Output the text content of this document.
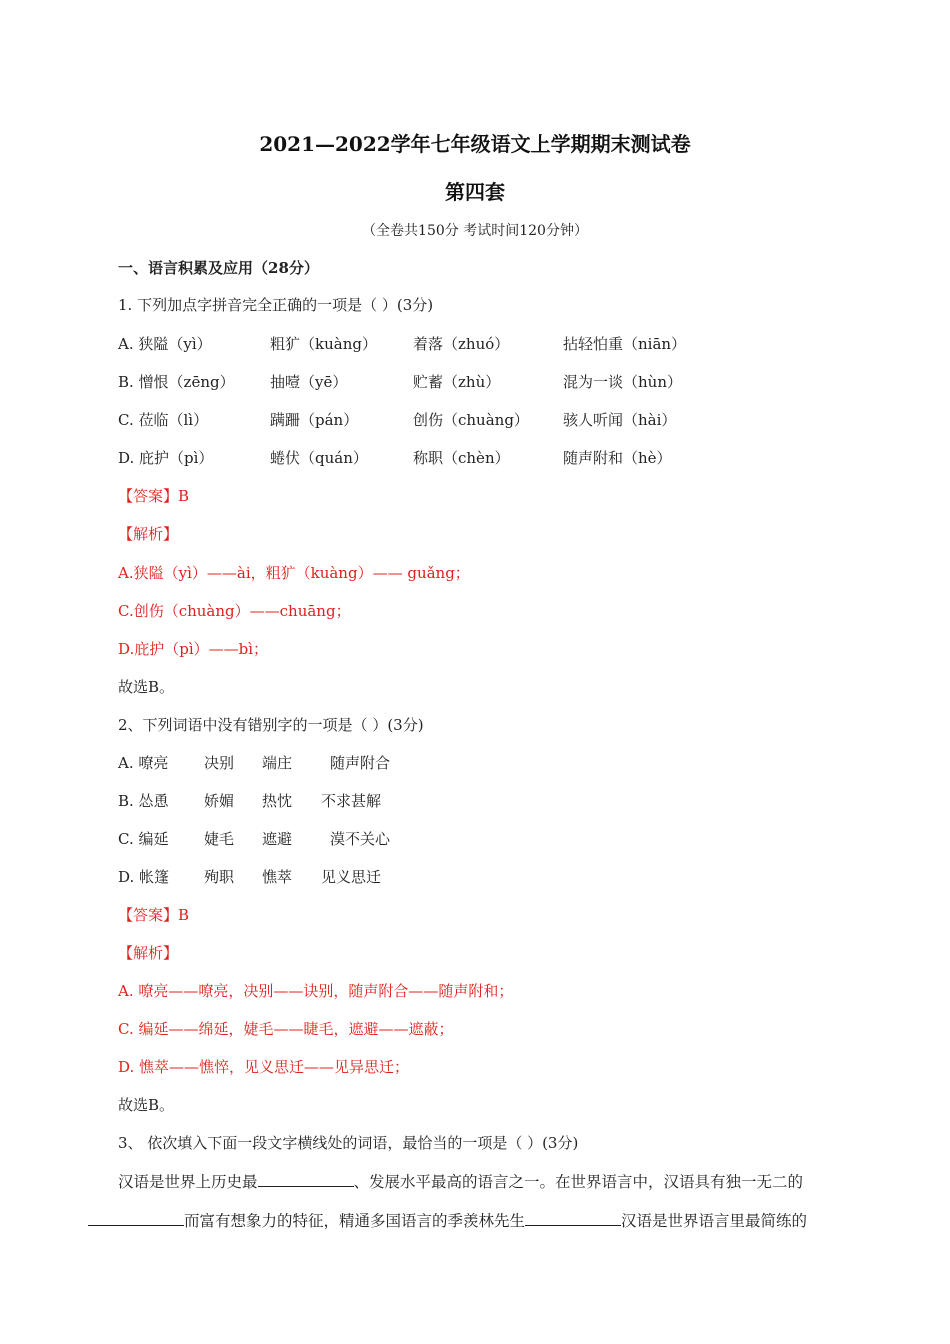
2021—2022学年七年级语文上学期期末测试卷
第四套
（全卷共150分 考试时间120分钟）
一、语言积累及应用（28分）
1. 下列加点字拼音完全正确的一项是（ ）(3分)
A. 狭隘（yì）	粗犷（kuàng） 着落（zhuó）	拈轻怕重（niān）
B. 憎恨（zēng） 抽噎（yē）	贮蓄（zhù）	混为一谈（hùn）
C. 莅临（lì）	蹒跚（pán）	创伤（chuàng） 骇人听闻（hài）
D. 庇护（pì）	蜷伏（quán）	称职（chèn）	随声附和（hè）
【答案】B
【解析】
A.狭隘（yì）——ài，粗犷（kuàng）—— guǎng；
C.创伤（chuàng）——chuāng；
D.庇护（pì）——bì；
故选B。
2、下列词语中没有错别字的一项是（ ）(3分)
A. 嘹亮 决别 端庄	随声附合
B. 怂恿 娇媚 热忱 不求甚解
C. 编延 婕毛 遮避	漠不关心
D. 帐篷 殉职 憔萃 见义思迁
【答案】B
【解析】
A. 嘹亮——嘹亮，决别——诀别，随声附合——随声附和；
C. 编延——绵延，婕毛——睫毛，遮避——遮蔽；
D. 憔萃——憔悴，见义思迁——见异思迁；
故选B。
3、 依次填入下面一段文字横线处的词语，最恰当的一项是（ ）(3分)
汉语是世界上历史最	、发展水平最高的语言之一。在世界语言中，汉语具有独一无二的
而富有想象力的特征，精通多国语言的季羡林先生	汉语是世界语言里最简练的
